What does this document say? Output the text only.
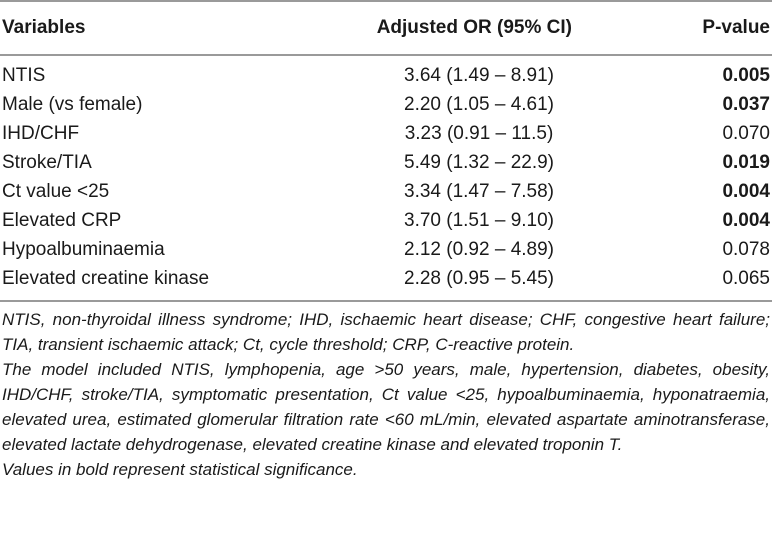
Variables	Adjusted OR (95% CI)	P-value
NTIS	3.64 (1.49 – 8.91)	0.005
Male (vs female)	2.20 (1.05 – 4.61)	0.037
IHD/CHF	3.23 (0.91 – 11.5)	0.070
Stroke/TIA	5.49 (1.32 – 22.9)	0.019
Ct value <25	3.34 (1.47 – 7.58)	0.004
Elevated CRP	3.70 (1.51 – 9.10)	0.004
Hypoalbuminaemia	2.12 (0.92 – 4.89)	0.078
Elevated creatine kinase	2.28 (0.95 – 5.45)	0.065

NTIS, non-thyroidal illness syndrome; IHD, ischaemic heart disease; CHF, congestive heart failure; TIA, transient ischaemic attack; Ct, cycle threshold; CRP, C-reactive protein.

The model included NTIS, lymphopenia, age >50 years, male, hypertension, diabetes, obesity, IHD/CHF, stroke/TIA, symptomatic presentation, Ct value <25, hypoalbuminaemia, hyponatraemia, elevated urea, estimated glomerular filtration rate <60 mL/min, elevated aspartate aminotransferase, elevated lactate dehydrogenase, elevated creatine kinase and elevated troponin T.

Values in bold represent statistical significance.
